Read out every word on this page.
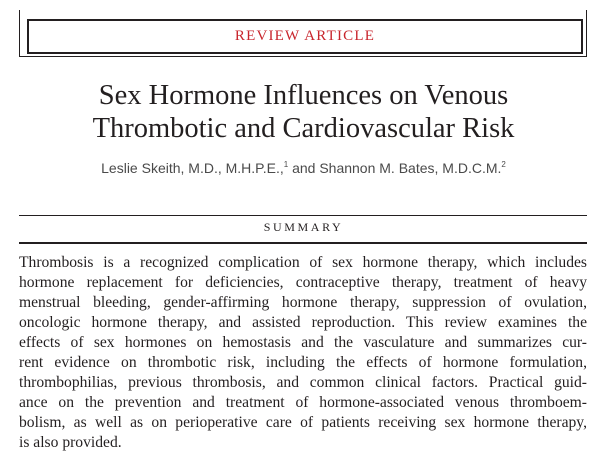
REVIEW ARTICLE
Sex Hormone Influences on Venous
Thrombotic and Cardiovascular Risk
Leslie Skeith, M.D., M.H.P.E.,$^1$ and Shannon M. Bates, M.D.C.M.$^2$
SUMMARY
Thrombosis is a recognized complication of sex hormone therapy, which includes
hormone replacement for deficiencies, contraceptive therapy, treatment of heavy
menstrual bleeding, gender-affirming hormone therapy, suppression of ovulation,
oncologic hormone therapy, and assisted reproduction. This review examines the
effects of sex hormones on hemostasis and the vasculature and summarizes cur-
rent evidence on thrombotic risk, including the effects of hormone formulation,
thrombophilias, previous thrombosis, and common clinical factors. Practical guid-
ance on the prevention and treatment of hormone-associated venous thromboem-
bolism, as well as on perioperative care of patients receiving sex hormone therapy,
is also provided.
